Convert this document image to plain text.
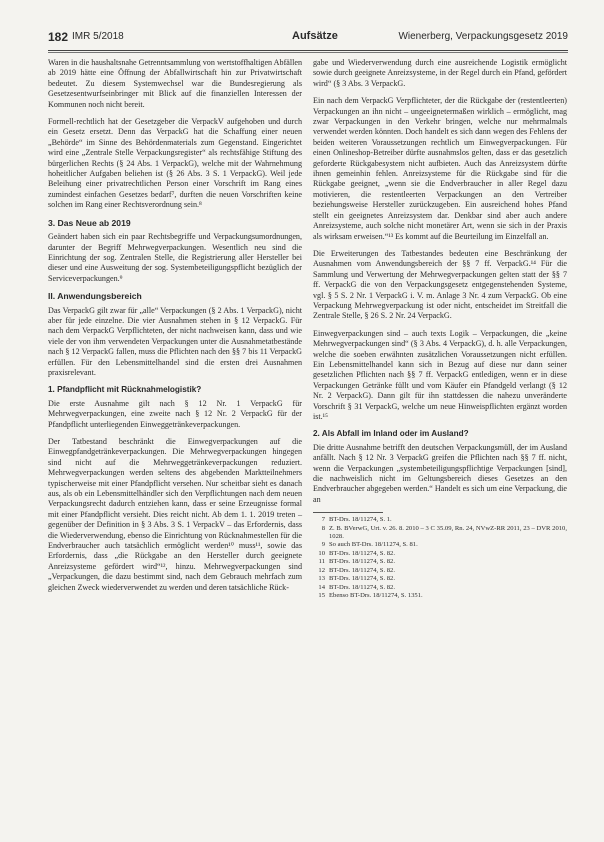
182 IMR 5/2018	Aufsätze	Wienerberg, Verpackungsgesetz 2019

Waren in die haushaltsnahe Getrenntsammlung von wertstoffhaltigen Abfällen ab 2019 hätte eine Öffnung der Abfallwirtschaft hin zur Privatwirtschaft bedeutet. Zu diesem Systemwechsel war die Bundesregierung als Gesetzesentwurfseinbringer mit Blick auf die finanziellen Interessen der Kommunen noch nicht bereit.

Formell-rechtlich hat der Gesetzgeber die VerpackV aufgehoben und durch ein Gesetz ersetzt. Denn das VerpackG hat die Schaffung einer neuen „Behörde“ im Sinne des Behördenmaterials zum Gegenstand. Eingerichtet wird eine „Zentrale Stelle Verpackungsregister“ als rechtsfähige Stiftung des bürgerlichen Rechts (§ 24 Abs. 1 VerpackG), welche mit der Wahrnehmung hoheitlicher Aufgaben beliehen ist (§ 26 Abs. 3 S. 1 VerpackG). Weil jede Beleihung einer privatrechtlichen Person einer Vorschrift im Rang eines zumindest einfachen Gesetzes bedarf⁷, durften die neuen Vorschriften keine solchen im Rang einer Rechtsverordnung sein.⁸

3. Das Neue ab 2019

Geändert haben sich ein paar Rechtsbegriffe und Verpackungsumordnungen, darunter der Begriff Mehrwegverpackungen. Wesentlich neu sind die Einrichtung der sog. Zentralen Stelle, die Registrierung aller Hersteller bei dieser und eine Ausweitung der sog. Systembeteiligungspflicht bezüglich der Serviceverpackungen.⁹

II. Anwendungsbereich

Das VerpackG gilt zwar für „alle“ Verpackungen (§ 2 Abs. 1 VerpackG), nicht aber für jede einzelne. Die vier Ausnahmen stehen in § 12 VerpackG. Für nach dem VerpackG Verpflichteten, der nicht nachweisen kann, dass und wie viele der von ihm verwendeten Verpackungen unter die Ausnahmetatbestände nach § 12 VerpackG fallen, muss die Pflichten nach den §§ 7 bis 11 VerpackG erfüllen. Für den Lebensmittelhandel sind die ersten drei Ausnahmen praxisrelevant.

1. Pfandpflicht mit Rücknahmelogistik?

Die erste Ausnahme gilt nach § 12 Nr. 1 VerpackG für Mehrwegverpackungen, eine zweite nach § 12 Nr. 2 VerpackG für der Pfandpflicht unterliegenden Einweggetränkeverpackungen.

Der Tatbestand beschränkt die Einwegverpackungen auf die Einwegpfandgetränkeverpackungen. Die Mehrwegverpackungen hingegen sind nicht auf die Mehrweggetränkeverpackungen reduziert. Mehrwegverpackungen werden seltens des abgebenden Marktteilnehmers typischerweise mit einer Pfandpflicht versehen. Nur scheitbar sieht es danach aus, als ob ein Lebensmittelhändler sich den Verpflichtungen nach dem neuen Verpackungsrecht dadurch entziehen kann, dass er seine Erzeugnisse formal mit einer Pfandpflicht versieht. Dies reicht nicht. Ab dem 1. 1. 2019 treten – gegenüber der Definition in § 3 Abs. 3 S. 1 VerpackV – das Erfordernis, dass die Wiederverwendung, ebenso die Einrichtung von Rücknahmestellen für die Endverbraucher auch tatsächlich ermöglicht werden¹⁰ muss¹¹, sowie das Erfordernis, dass „die Rückgabe an den Hersteller durch geeignete Anreizsysteme gefördert wird“¹², hinzu. Mehrwegverpackungen sind „Verpackungen, die dazu bestimmt sind, nach dem Gebrauch mehrfach zum gleichen Zweck wiederverwendet zu werden und deren tatsächliche Rück-

gabe und Wiederverwendung durch eine ausreichende Logistik ermöglicht sowie durch geeignete Anreizsysteme, in der Regel durch ein Pfand, gefördert wird“ (§ 3 Abs. 3 VerpackG.

Ein nach dem VerpackG Verpflichteter, der die Rückgabe der (restentleerten) Verpackungen an ihn nicht – ungeeignetermaßen wirklich – ermöglicht, mag zwar Verpackungen in den Verkehr bringen, welche nur mehrmalmals verwendet werden könnten. Doch handelt es sich dann wegen des Fehlens der beiden weiteren Voraussetzungen rechtlich um Einwegverpackungen. Für einen Onlineshop-Betreiber dürfte ausnahmslos gelten, dass er das gesetzlich geforderte Rückgabesystem nicht aufbieten. Auch das Anreizsystem dürfte ihnen gemeinhin fehlen. Anreizsysteme für die Rückgabe sind für die Rückgabe geeignet, „wenn sie die Endverbraucher in aller Regel dazu motivieren, die restentleerten Verpackungen an den Vertreiber beziehungsweise Hersteller zurückzugeben. Ein ausreichend hohes Pfand stellt ein geeignetes Anreizsystem dar. Denkbar sind aber auch andere Anreizsysteme, auch solche nicht monetärer Art, wenn sie sich in der Praxis als wirksam erweisen.“¹³ Es kommt auf die Beurteilung im Einzelfall an.

Die Erweiterungen des Tatbestandes bedeuten eine Beschränkung der Ausnahmen vom Anwendungsbereich der §§ 7 ff. VerpackG.¹⁴ Für die Sammlung und Verwertung der Mehrwegverpackungen gelten statt der §§ 7 ff. VerpackG die von den Verpackungsgesetz entgegenstehenden Systeme, vgl. § 5 S. 2 Nr. 1 VerpackG i. V. m. Anlage 3 Nr. 4 zum VerpackG. Ob eine Verpackung Mehrwegverpackung ist oder nicht, entscheidet im Streitfall die Zentrale Stelle, § 26 S. 2 Nr. 24 VerpackG.

Einwegverpackungen sind – auch texts Logik – Verpackungen, die „keine Mehrwegverpackungen sind“ (§ 3 Abs. 4 VerpackG), d. h. alle Verpackungen, welche die soeben erwähnten zusätzlichen Voraussetzungen nicht erfüllen. Ein Lebensmittelhandel kann sich in Bezug auf diese nur dann seiner gesetzlichen Pflichten nach §§ 7 ff. VerpackG entledigen, wenn er in diese Verpackungen Getränke füllt und vom Käufer ein Pfandgeld verlangt (§ 12 Nr. 2 VerpackG). Dann gilt für ihn stattdessen die nahezu unveränderte Vorschrift § 31 VerpackG, welche um neue Hinweispflichten ergänzt worden ist.¹⁵

2. Als Abfall im Inland oder im Ausland?

Die dritte Ausnahme betrifft den deutschen Verpackungsmüll, der im Ausland anfällt. Nach § 12 Nr. 3 VerpackG greifen die Pflichten nach §§ 7 ff. nicht, wenn die Verpackungen „systembeteiligungspflichtige Verpackungen [sind], die nachweislich nicht im Geltungsbereich dieses Gesetzes an den Endverbraucher abgegeben werden.“ Handelt es sich um eine Verpackung, die an

7 BT-Drs. 18/11274, S. 1.
8 Z. B. BVerwG, Urt. v. 26. 8. 2010 – 3 C 35.09, Rn. 24, NVwZ-RR 2011, 23 – DVR 2010, 1028.
9 So auch BT-Drs. 18/11274, S. 81.
10 BT-Drs. 18/11274, S. 82.
11 BT-Drs. 18/11274, S. 82.
12 BT-Drs. 18/11274, S. 82.
13 BT-Drs. 18/11274, S. 82.
14 BT-Drs. 18/11274, S. 82.
15 Ebenso BT-Drs. 18/11274, S. 1351.
